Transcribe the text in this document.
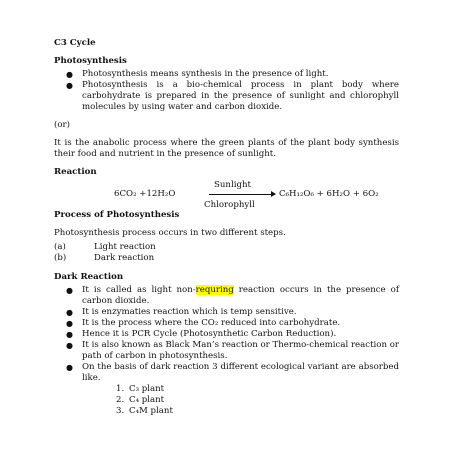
C3 Cycle
Photosynthesis
● Photosynthesis means synthesis in the presence of light.
● Photosynthesis is a bio-chemical process in plant body where carbohydrate is prepared in the presence of sunlight and chlorophyll molecules by using water and carbon dioxide.

(or)

It is the anabolic process where the green plants of the plant body synthesis their food and nutrient in the presence of sunlight.

Reaction
6CO₂ +12H₂O
Sunlight
C₆H₁₂O₆ + 6H₂O + 6O₂
Chlorophyll
Process of Photosynthesis

Photosynthesis process occurs in two different steps.

(a)	Light reaction
(b)	Dark reaction
Dark Reaction
● It is called as light non-requring reaction occurs in the presence of carbon dioxide.
● It is enzymaties reaction which is temp sensitive.
● It is the process where the CO₂ reduced into carbohydrate.
● Hence it is PCR Cycle (Photosynthetic Carbon Reduction).
● It is also known as Black Man’s reaction or Thermo-chemical reaction or path of carbon in photosynthesis.
● On the basis of dark reaction 3 different ecological variant are absorbed like.
1. C₃ plant
2. C₄ plant
3. C₄M plant
